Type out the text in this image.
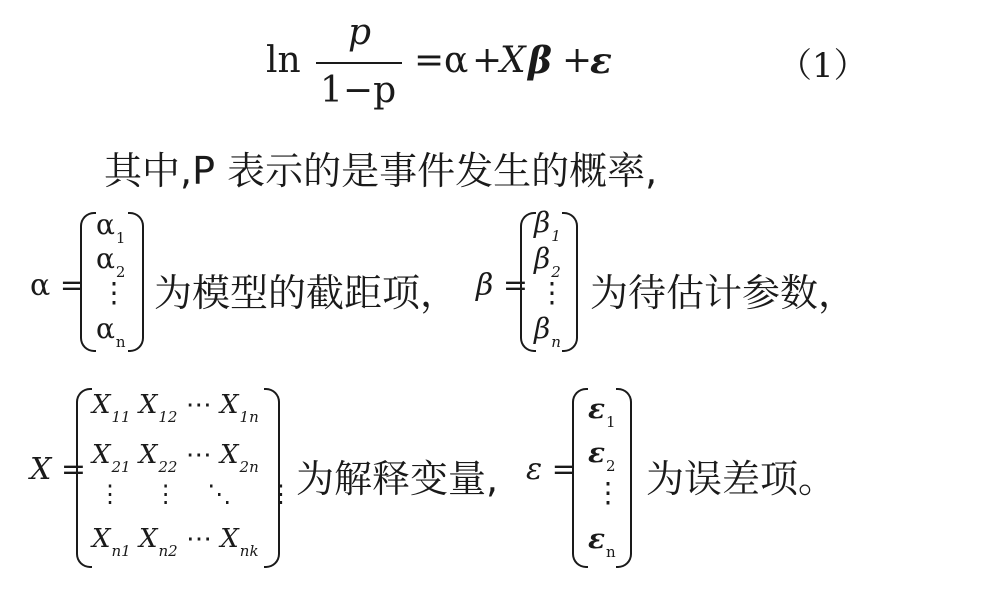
ln
p
1−p
= α +
X β +
ε	（1）
其中,P 表示的是事件发生的概率,
α =
$\alpha_1$
$\alpha_2$
⋮
$\alpha_n$
为模型的截距项， β =
$\beta_1$
$\beta_2$
⋮
$\beta_n$
为待估计参数，
X =
$X_{11}$ $X_{12}$ ⋯ $X_{1n}$
$X_{21}$ $X_{22}$ ⋯ $X_{2n}$
⋮ ⋮ ⋱ ⋮
$X_{n1}$ $X_{n2}$ ⋯ $X_{nk}$
为解释变量, ε =
$\varepsilon_1$
$\varepsilon_2$
⋮
$\varepsilon_n$
为误差项。
